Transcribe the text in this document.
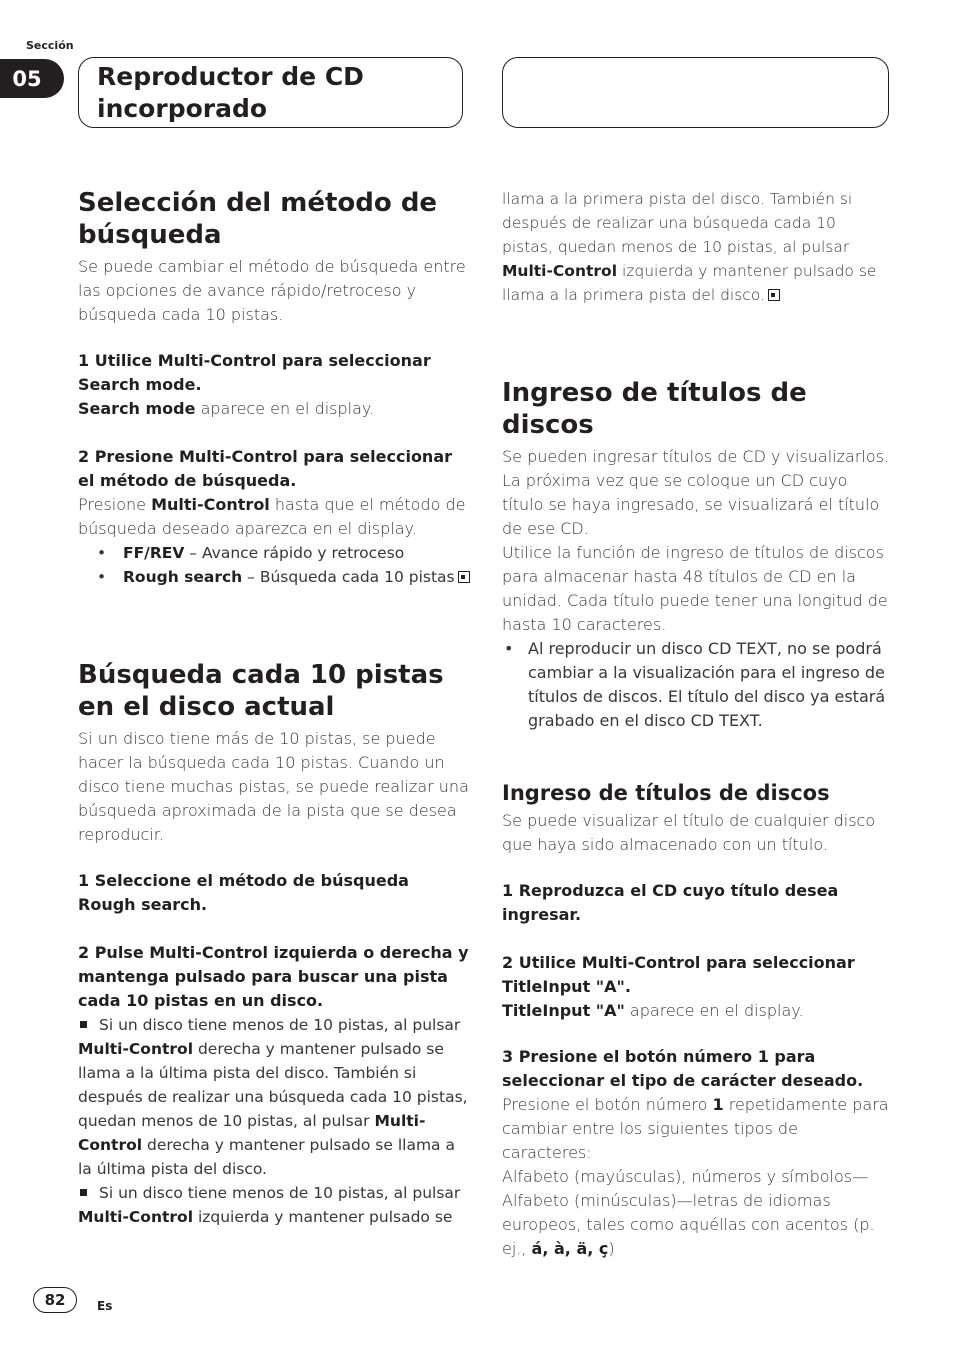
Sección
05	Reproductor de CD incorporado
Selección del método de búsqueda

Se puede cambiar el método de búsqueda entre las opciones de avance rápido/retroceso y búsqueda cada 10 pistas.

1 Utilice Multi-Control para seleccionar Search mode.

Search mode aparece en el display.

2 Presione Multi-Control para seleccionar el método de búsqueda.

Presione Multi-Control hasta que el método de búsqueda deseado aparezca en el display.

• FF/REV – Avance rápido y retroceso
• Rough search – Búsqueda cada 10 pistas
Búsqueda cada 10 pistas en el disco actual

Si un disco tiene más de 10 pistas, se puede hacer la búsqueda cada 10 pistas. Cuando un disco tiene muchas pistas, se puede realizar una búsqueda aproximada de la pista que se desea reproducir.

1 Seleccione el método de búsqueda Rough search.

2 Pulse Multi-Control izquierda o derecha y mantenga pulsado para buscar una pista cada 10 pistas en un disco.

Si un disco tiene menos de 10 pistas, al pulsar
Multi-Control derecha y mantener pulsado se llama a la última pista del disco. También si después de realizar una búsqueda cada 10 pistas, quedan menos de 10 pistas, al pulsar Multi-Control derecha y mantener pulsado se llama a la última pista del disco.
Si un disco tiene menos de 10 pistas, al pulsar
Multi-Control izquierda y mantener pulsado se

llama a la primera pista del disco. También si después de realizar una búsqueda cada 10 pistas, quedan menos de 10 pistas, al pulsar Multi-Control izquierda y mantener pulsado se llama a la primera pista del disco.

Ingreso de títulos de discos

Se pueden ingresar títulos de CD y visualizarlos. La próxima vez que se coloque un CD cuyo título se haya ingresado, se visualizará el título de ese CD.

Utilice la función de ingreso de títulos de discos para almacenar hasta 48 títulos de CD en la unidad. Cada título puede tener una longitud de hasta 10 caracteres.

• Al reproducir un disco CD TEXT, no se podrá cambiar a la visualización para el ingreso de títulos de discos. El título del disco ya estará grabado en el disco CD TEXT.
Ingreso de títulos de discos

Se puede visualizar el título de cualquier disco que haya sido almacenado con un título.

1 Reproduzca el CD cuyo título desea ingresar.

2 Utilice Multi-Control para seleccionar TitleInput "A".

TitleInput "A" aparece en el display.

3 Presione el botón número 1 para seleccionar el tipo de carácter deseado.

Presione el botón número 1 repetidamente para cambiar entre los siguientes tipos de caracteres:

Alfabeto (mayúsculas), números y símbolos—Alfabeto (minúsculas)—letras de idiomas europeos, tales como aquéllas con acentos (p. ej., á, à, ä, ç)

82	Es
